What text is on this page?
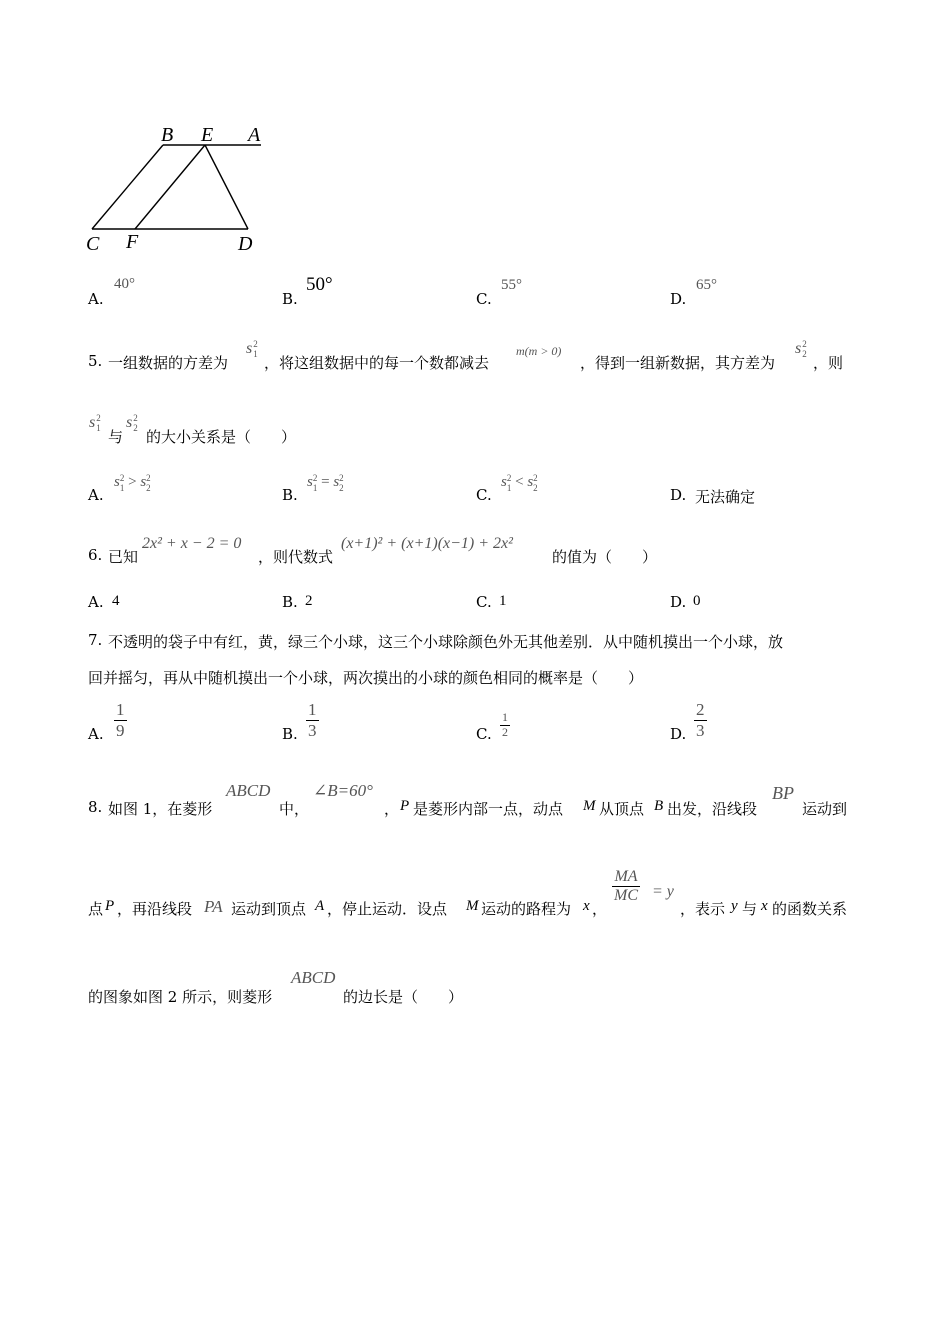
B E A
C F	D
A.
40°
B.
50°
C.
55°
D.
65°
5. 一组数据的方差为
s 2
1
，将这组数据中的每一个数都减去
m(m > 0)
，得到一组新数据，其方差为
s 2
2
，则
s 2
1
与
s 2
2
的大小关系是（　　）
A.
s 2
1 > s 2
2	B.
s 2
1 = s 2
2	C.
s 2
1 < s 2
2	D. 无法确定
6. 已知
2x² + x − 2 = 0
，则代数式
(x+1)² + (x+1)(x−1) + 2x²
的值为（　　）
A. 4	B. 2	C. 1	D. 0
7. 不透明的袋子中有红，黄，绿三个小球，这三个小球除颜色外无其他差别．从中随机摸出一个小球，放
回并摇匀，再从中随机摸出一个小球，两次摸出的小球的颜色相同的概率是（　　）
A. $\frac{1}{9}$	B. $\frac{1}{3}$	C. $\frac{1}{2}$	D. $\frac{2}{3}$
8. 如图 1，在菱形
ABCD
中，
∠B=60°
， P 是菱形内部一点，动点 M 从顶点 B 出发，沿线段
BP
运动到
点 P ，再沿线段 PA 运动到顶点 A ，停止运动．设点 M 运动的路程为 x ，
$\frac{MA}{MC} = y$
，表示 y 与 x 的函数关系
的图象如图 2 所示，则菱形
ABCD
的边长是（　　）
